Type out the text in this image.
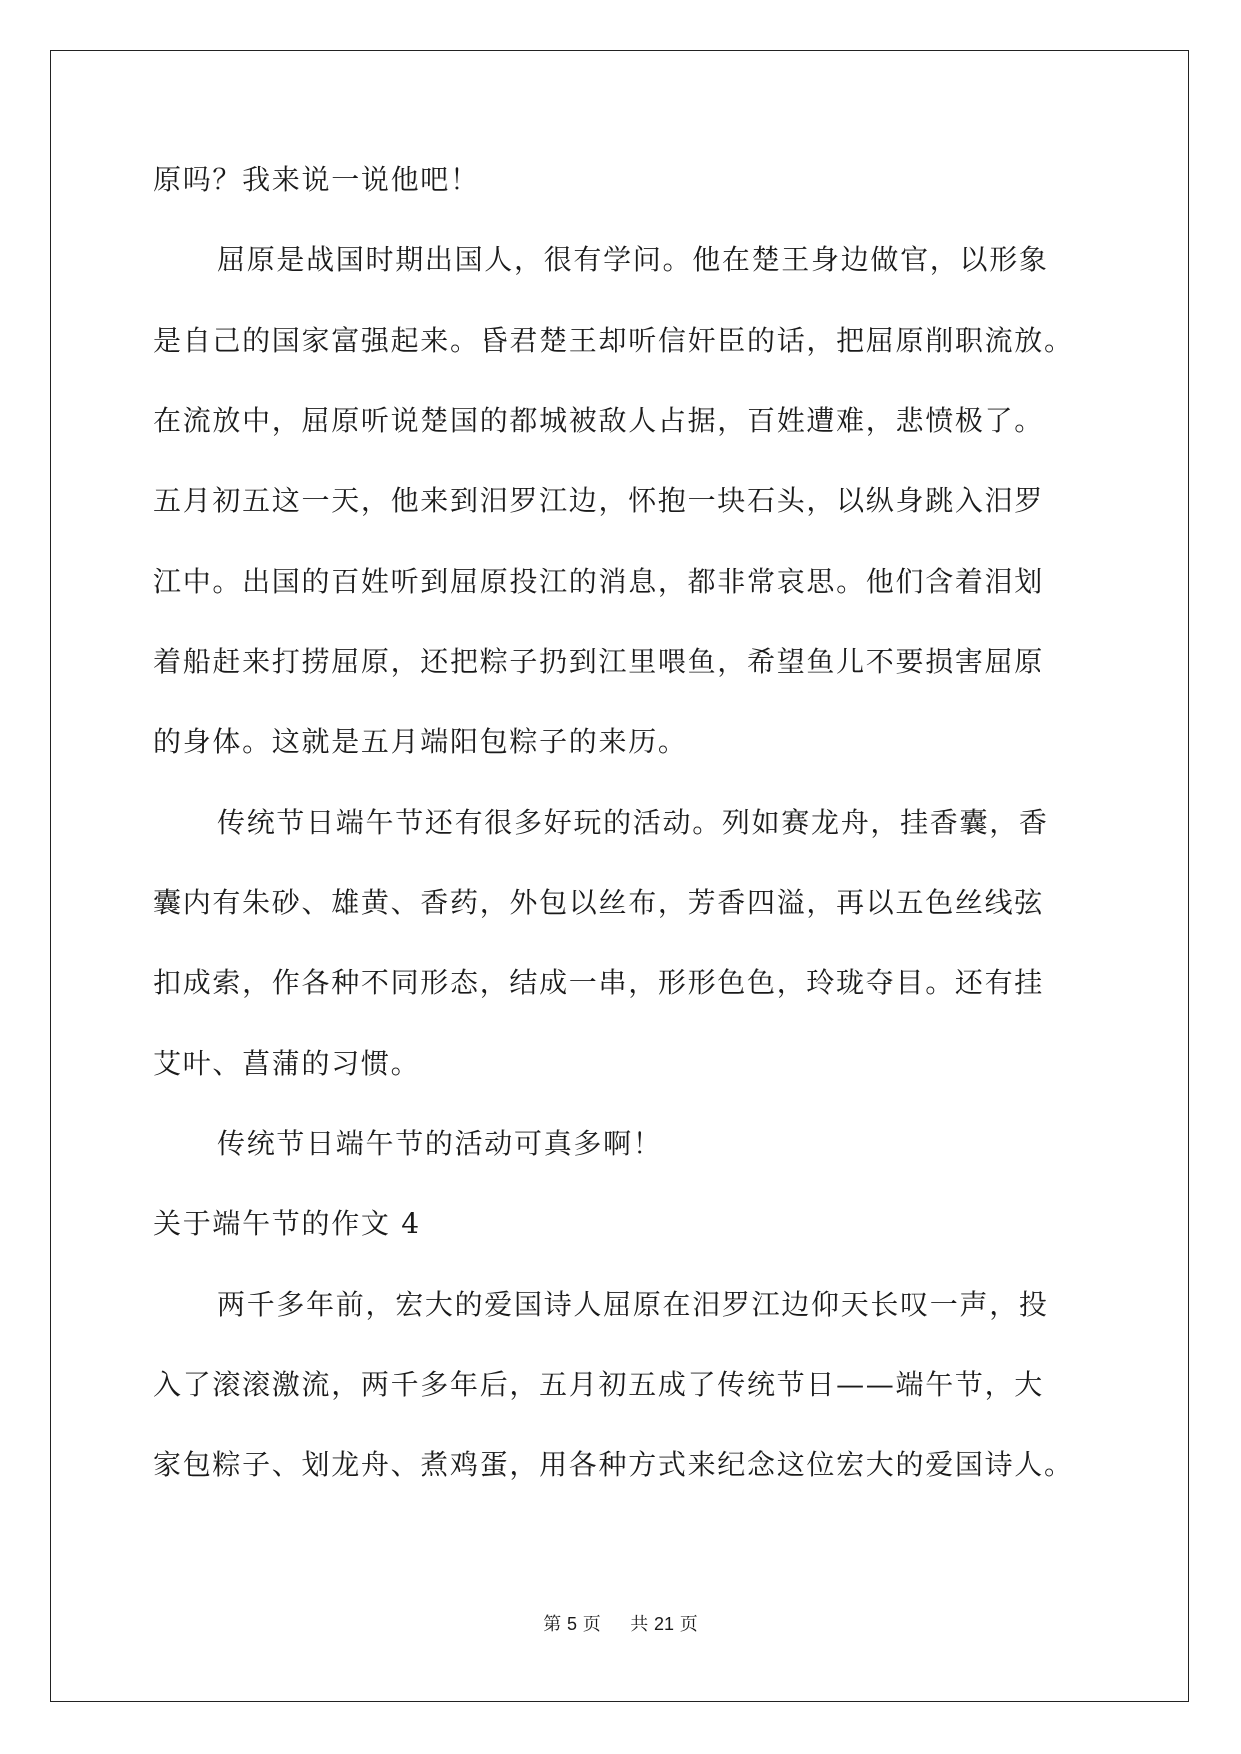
原吗？我来说一说他吧！
屈原是战国时期出国人，很有学问。他在楚王身边做官，以形象
是自己的国家富强起来。昏君楚王却听信奸臣的话，把屈原削职流放。
在流放中，屈原听说楚国的都城被敌人占据，百姓遭难，悲愤极了。
五月初五这一天，他来到汨罗江边，怀抱一块石头，以纵身跳入汨罗
江中。出国的百姓听到屈原投江的消息，都非常哀思。他们含着泪划
着船赶来打捞屈原，还把粽子扔到江里喂鱼，希望鱼儿不要损害屈原
的身体。这就是五月端阳包粽子的来历。
传统节日端午节还有很多好玩的活动。列如赛龙舟，挂香囊，香
囊内有朱砂、雄黄、香药，外包以丝布，芳香四溢，再以五色丝线弦
扣成索，作各种不同形态，结成一串，形形色色，玲珑夺目。还有挂
艾叶、菖蒲的习惯。
传统节日端午节的活动可真多啊！
关于端午节的作文 4
两千多年前，宏大的爱国诗人屈原在汨罗江边仰天长叹一声，投
入了滚滚激流，两千多年后，五月初五成了传统节日——端午节，大
家包粽子、划龙舟、煮鸡蛋，用各种方式来纪念这位宏大的爱国诗人。
第 5 页 共 21 页
